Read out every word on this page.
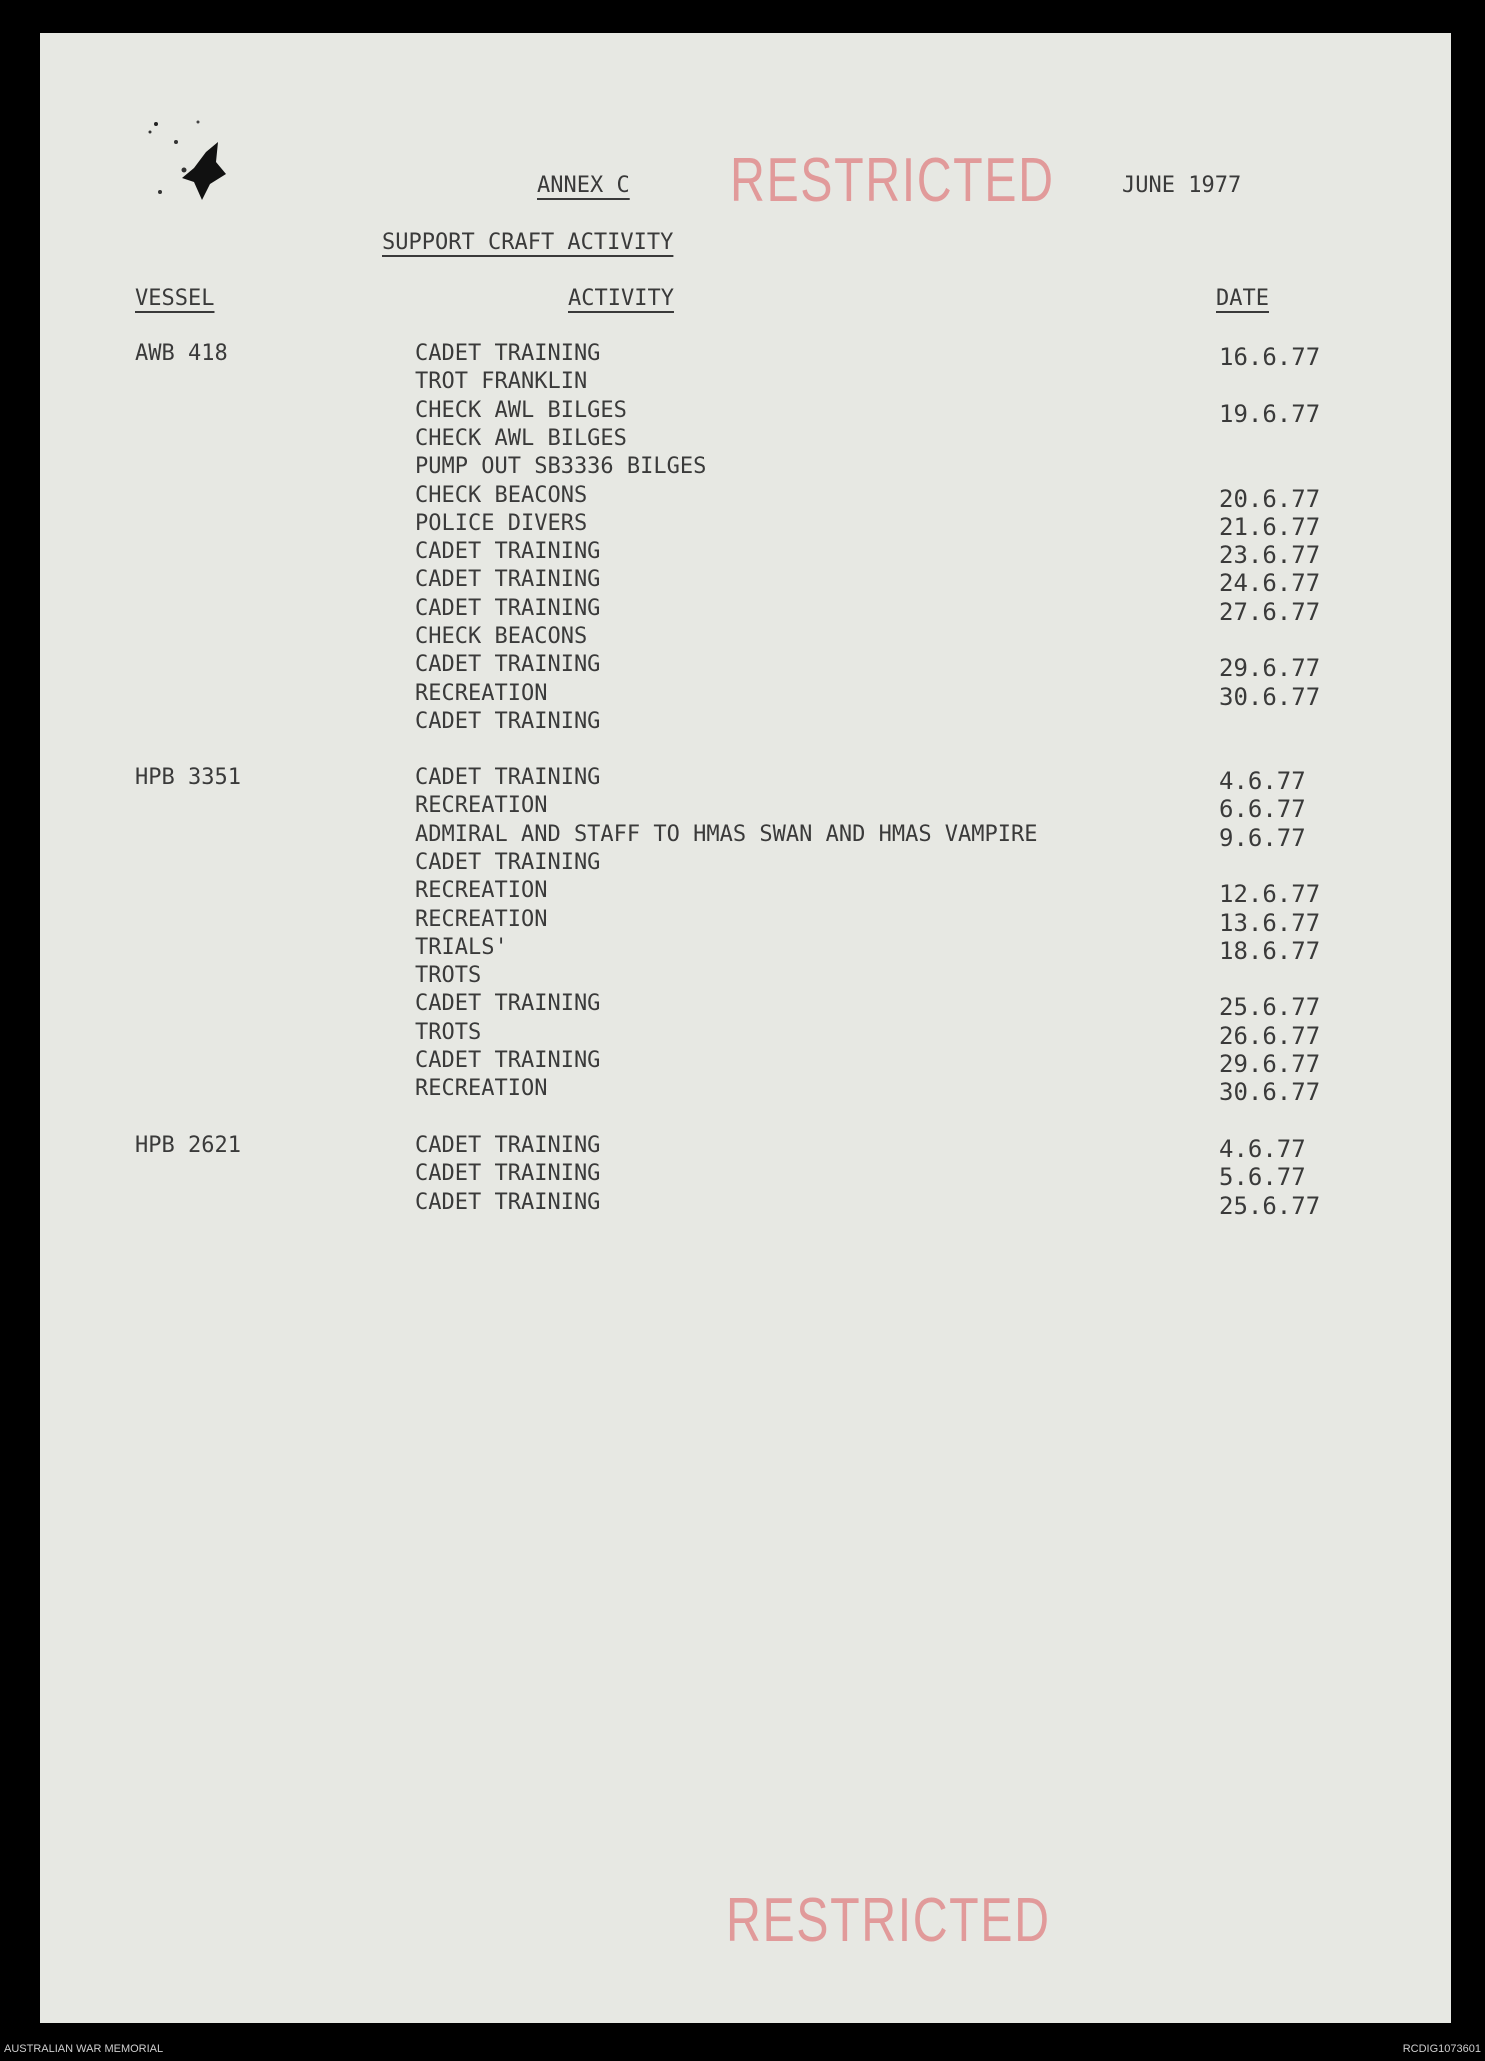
ANNEX C RESTRICTED	JUNE 1977
SUPPORT CRAFT ACTIVITY
VESSEL	ACTIVITY	DATE
AWB 418	CADET TRAINING	16.6.77
TROT FRANKLIN
CHECK AWL BILGES	19.6.77
CHECK AWL BILGES
PUMP OUT SB3336 BILGES
CHECK BEACONS	20.6.77
POLICE DIVERS	21.6.77
CADET TRAINING	23.6.77
CADET TRAINING	24.6.77
CADET TRAINING	27.6.77
CHECK BEACONS
CADET TRAINING	29.6.77
RECREATION	30.6.77
CADET TRAINING
HPB 3351	CADET TRAINING	4.6.77
RECREATION	6.6.77
ADMIRAL AND STAFF TO HMAS SWAN AND HMAS VAMPIRE	9.6.77
CADET TRAINING
RECREATION	12.6.77
RECREATION	13.6.77
TRIALS'	18.6.77
TROTS
CADET TRAINING	25.6.77
TROTS	26.6.77
CADET TRAINING	29.6.77
RECREATION	30.6.77
HPB 2621	CADET TRAINING	4.6.77
CADET TRAINING	5.6.77
CADET TRAINING	25.6.77
RESTRICTED
AUSTRALIAN WAR MEMORIAL	RCDIG1073601
